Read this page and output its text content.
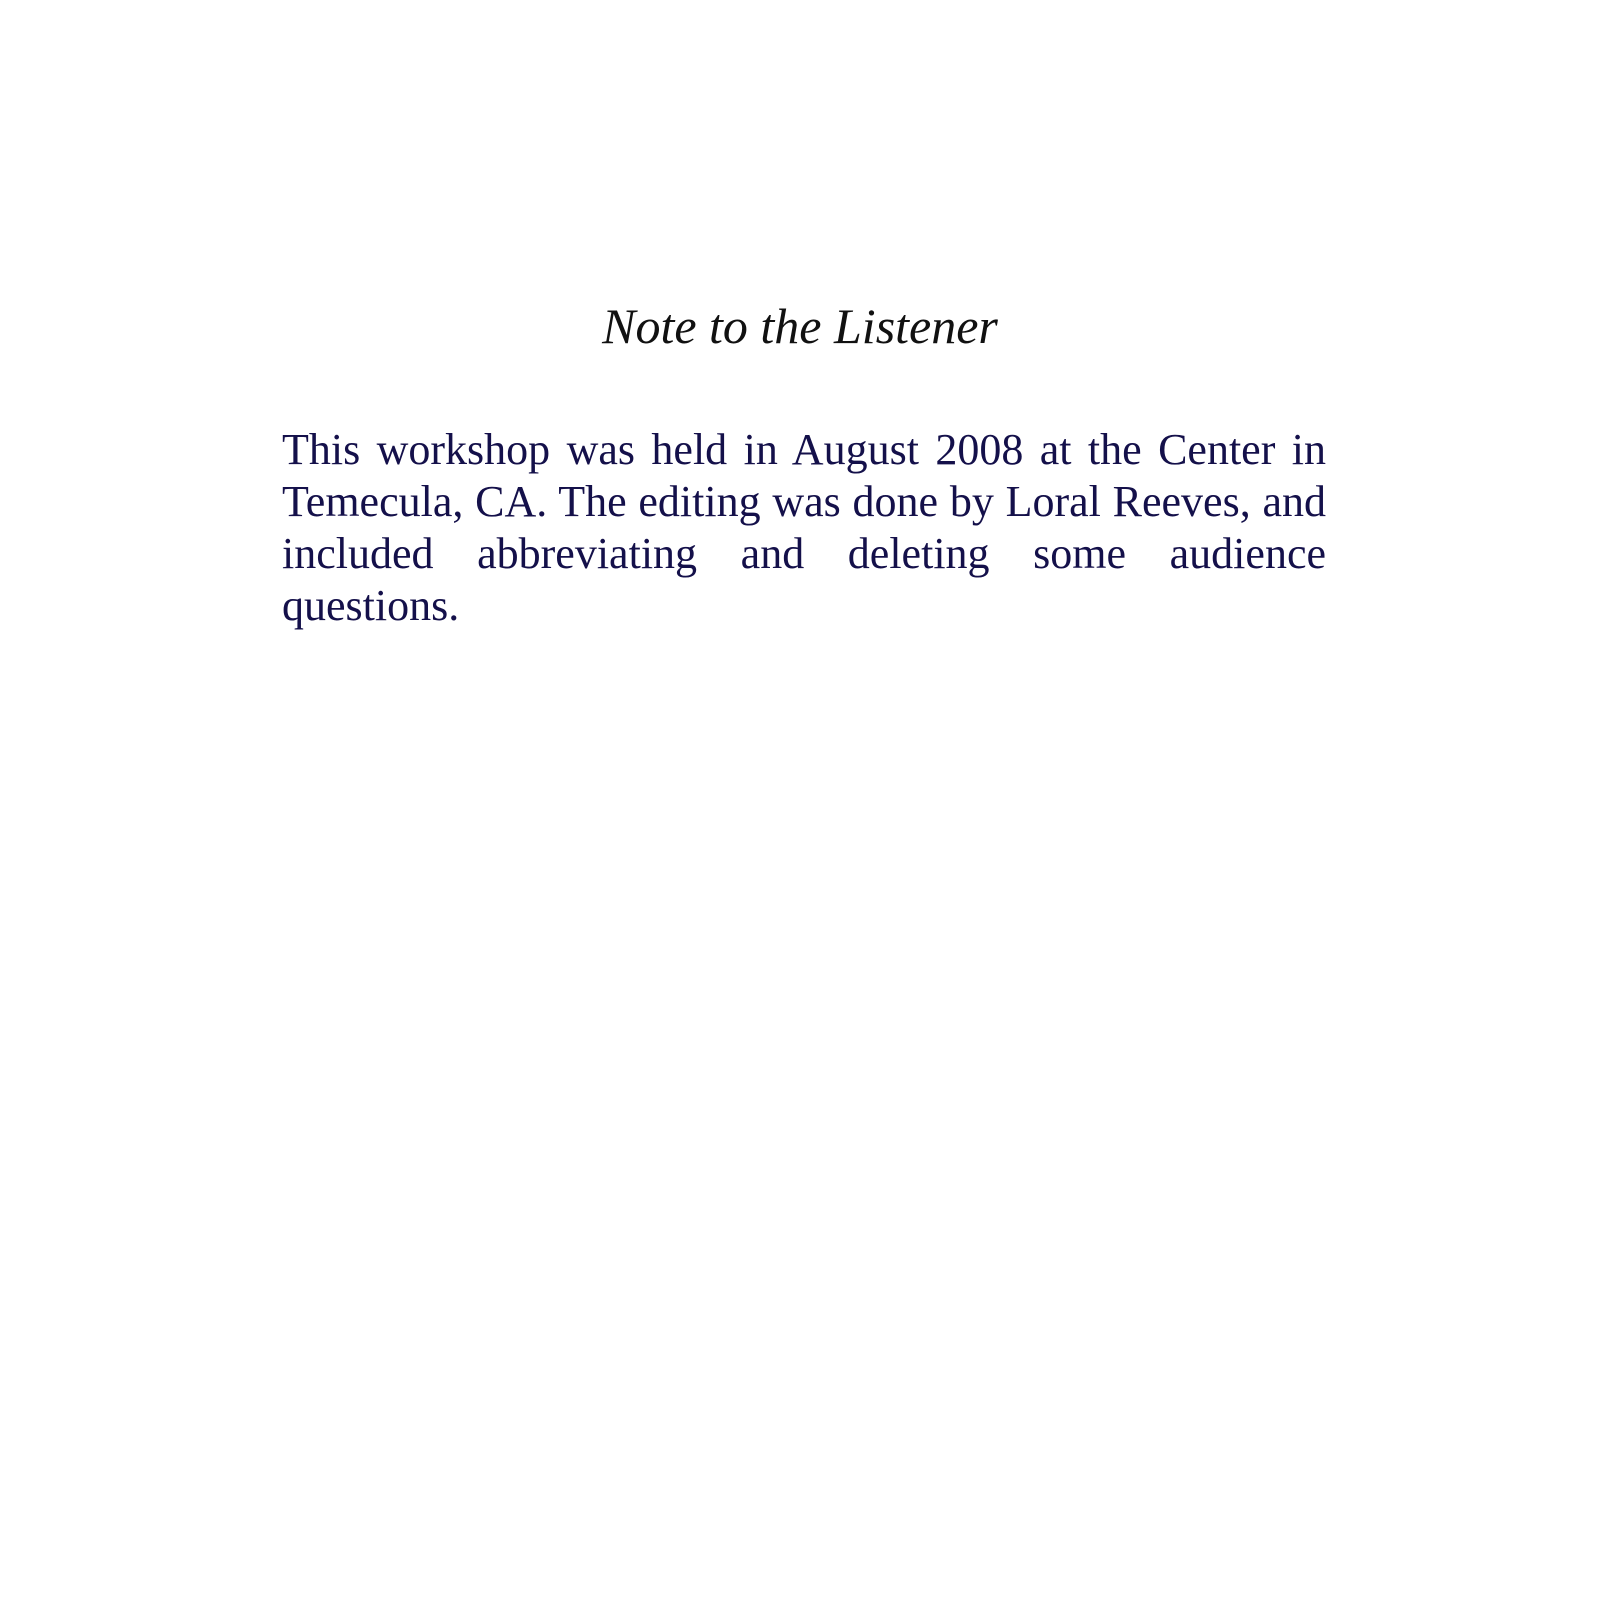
Note to the Listener

This workshop was held in August 2008 at the Center in Temecula, CA. The editing was done by Loral Reeves, and included abbreviating and deleting some audience questions.
